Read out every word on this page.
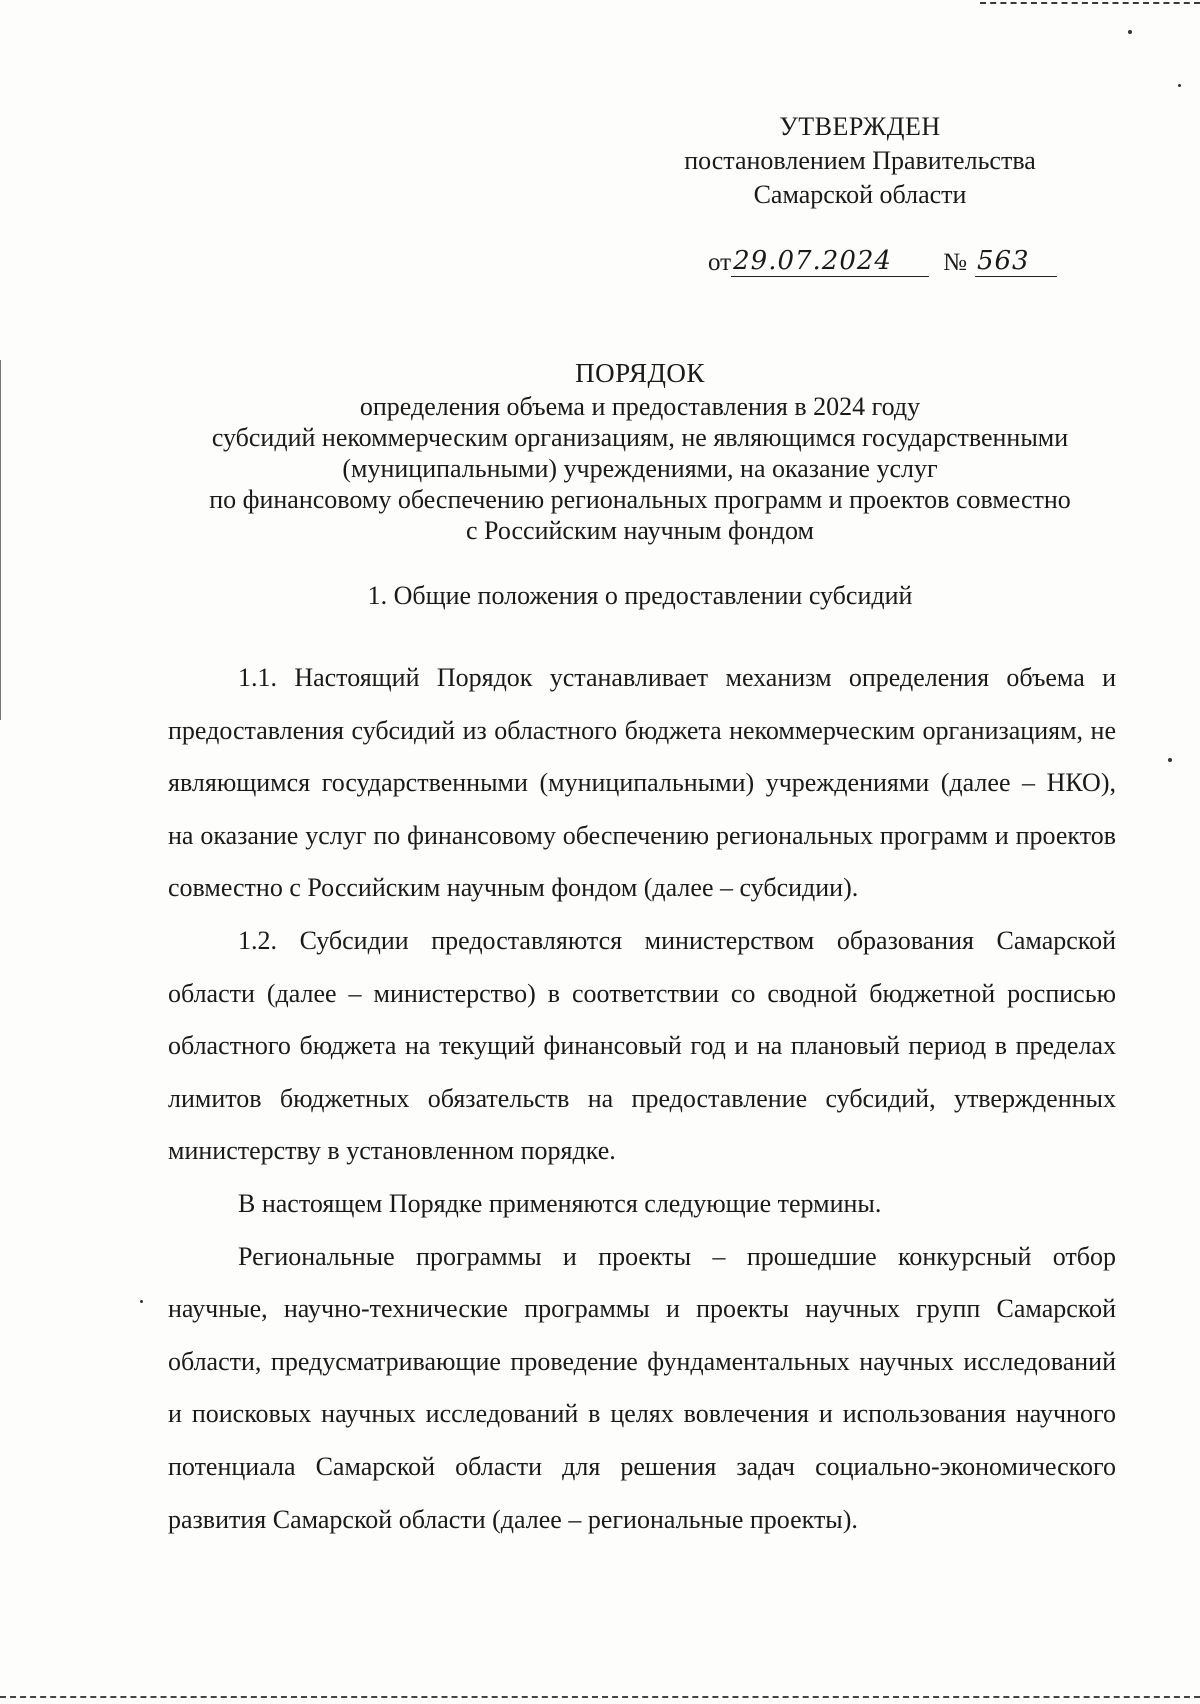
УТВЕРЖДЕН
постановлением Правительства
Самарской области
от 29.07.2024	№ 563
ПОРЯДОК
определения объема и предоставления в 2024 году
субсидий некоммерческим организациям, не являющимся государственными
(муниципальными) учреждениями, на оказание услуг
по финансовому обеспечению региональных программ и проектов совместно
с Российским научным фондом
1. Общие положения о предоставлении субсидий

1.1. Настоящий Порядок устанавливает механизм определения объема и предоставления субсидий из областного бюджета некоммерческим организациям, не являющимся государственными (муниципальными) учреждениями (далее – НКО), на оказание услуг по финансовому обеспечению региональных программ и проектов совместно с Российским научным фондом (далее – субсидии).

1.2. Субсидии предоставляются министерством образования Самарской области (далее – министерство) в соответствии со сводной бюджетной росписью областного бюджета на текущий финансовый год и на плановый период в пределах лимитов бюджетных обязательств на предоставление субсидий, утвержденных министерству в установленном порядке.

В настоящем Порядке применяются следующие термины.

Региональные программы и проекты – прошедшие конкурсный отбор научные, научно-технические программы и проекты научных групп Самарской области, предусматривающие проведение фундаментальных научных исследований и поисковых научных исследований в целях вовлечения и использования научного потенциала Самарской области для решения задач социально-экономического развития Самарской области (далее – региональные проекты).
